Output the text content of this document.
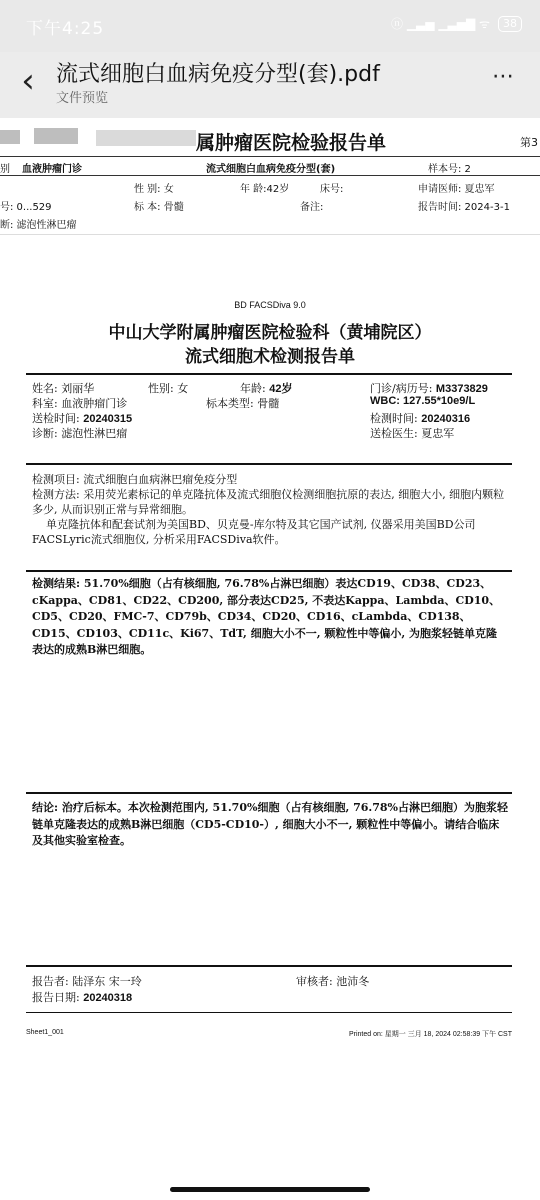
下午4:25	ⓝ ▁▃▅ ▁▃▅▇ ᯤ	38
‹ 流式细胞白血病免疫分型(套).pdf
文件预览
⋯
属肿瘤医院检验报告单	第3
别 血液肿瘤门诊	流式细胞白血病免疫分型(套)	样本号: 2
性 别: 女	年 龄:42岁	床号:	申请医师: 夏忠军
号: 0...529	标 本: 骨髓	备注:	报告时间: 2024-3-1
断: 滤泡性淋巴瘤
BD FACSDiva 9.0
中山大学附属肿瘤医院检验科（黄埔院区）
流式细胞术检测报告单
姓名: 刘丽华	性别: 女	年龄: 42岁	门诊/病历号: M3373829
科室: 血液肿瘤门诊	标本类型: 骨髓	WBC: 127.55*10e9/L
送检时间: 20240315	检测时间: 20240316
诊断: 滤泡性淋巴瘤	送检医生: 夏忠军
检测项目: 流式细胞白血病淋巴瘤免疫分型
检测方法: 采用荧光素标记的单克隆抗体及流式细胞仪检测细胞抗原的表达, 细胞大小, 细胞内颗粒多少, 从而识别正常与异常细胞。
单克隆抗体和配套试剂为美国BD、贝克曼-库尔特及其它国产试剂, 仪器采用美国BD公司FACSLyric流式细胞仪, 分析采用FACSDiva软件。
检测结果: 51.70%细胞（占有核细胞, 76.78%占淋巴细胞）表达CD19、CD38、CD23、cKappa、CD81、CD22、CD200, 部分表达CD25, 不表达Kappa、Lambda、CD10、CD5、CD20、FMC-7、CD79b、CD34、CD20、CD16、cLambda、CD138、CD15、CD103、CD11c、Ki67、TdT, 细胞大小不一, 颗粒性中等偏小, 为胞浆轻链单克隆表达的成熟B淋巴细胞。
结论: 治疗后标本。本次检测范围内, 51.70%细胞（占有核细胞, 76.78%占淋巴细胞）为胞浆轻链单克隆表达的成熟B淋巴细胞（CD5-CD10-）, 细胞大小不一, 颗粒性中等偏小。请结合临床及其他实验室检查。
报告者: 陆泽东 宋一玲	审核者: 池沛冬
报告日期: 20240318
Sheet1_001	Printed on: 星期一 三月 18, 2024 02:58:39 下午 CST
